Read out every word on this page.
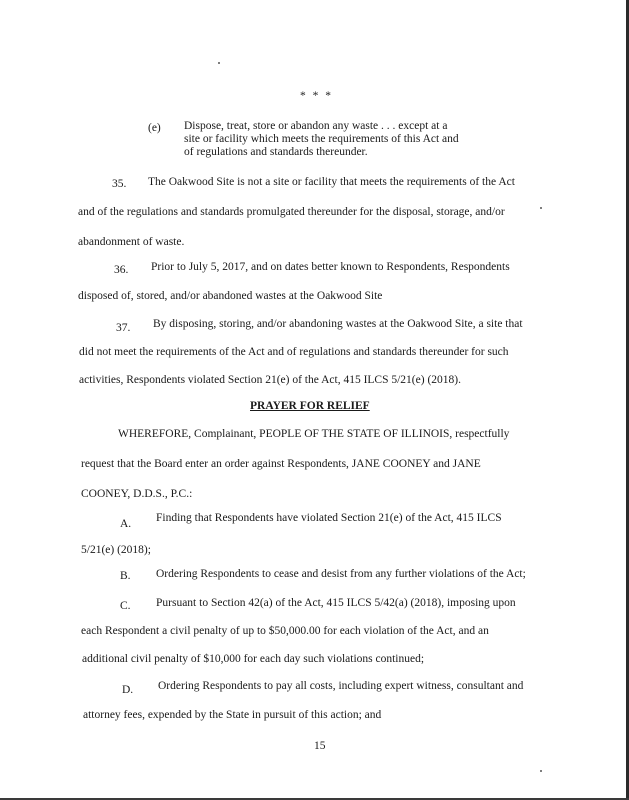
* * *
(e) Dispose, treat, store or abandon any waste . . . except at a
site or facility which meets the requirements of this Act and
of regulations and standards thereunder.
35. The Oakwood Site is not a site or facility that meets the requirements of the Act
and of the regulations and standards promulgated thereunder for the disposal, storage, and/or
abandonment of waste.
36. Prior to July 5, 2017, and on dates better known to Respondents, Respondents
disposed of, stored, and/or abandoned wastes at the Oakwood Site
37. By disposing, storing, and/or abandoning wastes at the Oakwood Site, a site that
did not meet the requirements of the Act and of regulations and standards thereunder for such
activities, Respondents violated Section 21(e) of the Act, 415 ILCS 5/21(e) (2018).
PRAYER FOR RELIEF
WHEREFORE, Complainant, PEOPLE OF THE STATE OF ILLINOIS, respectfully
request that the Board enter an order against Respondents, JANE COONEY and JANE
COONEY, D.D.S., P.C.:
A. Finding that Respondents have violated Section 21(e) of the Act, 415 ILCS
5/21(e) (2018);
B. Ordering Respondents to cease and desist from any further violations of the Act;
C. Pursuant to Section 42(a) of the Act, 415 ILCS 5/42(a) (2018), imposing upon
each Respondent a civil penalty of up to $50,000.00 for each violation of the Act, and an
additional civil penalty of $10,000 for each day such violations continued;
D. Ordering Respondents to pay all costs, including expert witness, consultant and
attorney fees, expended by the State in pursuit of this action; and
15
